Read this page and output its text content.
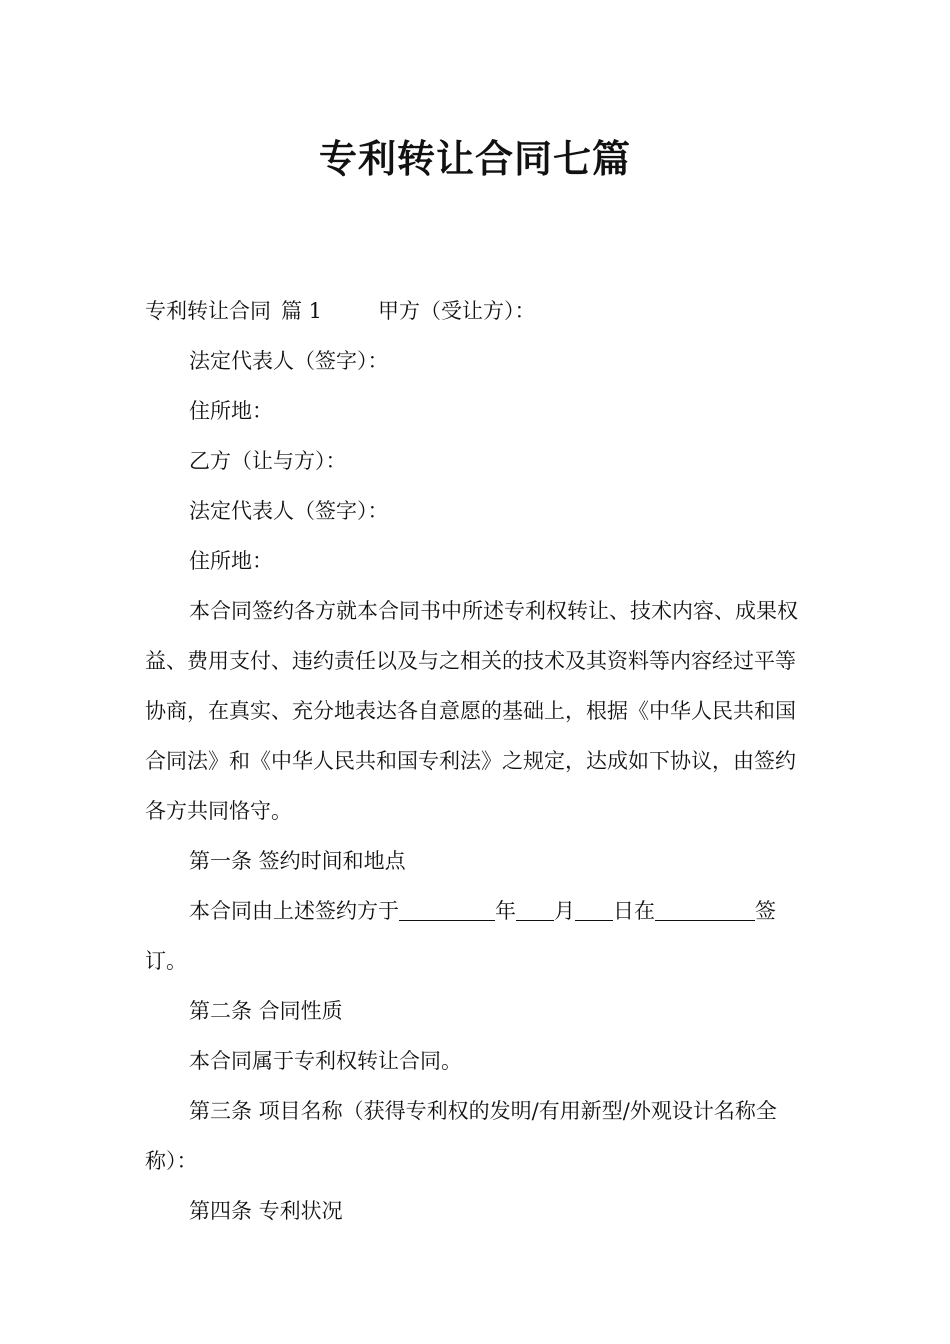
专利转让合同七篇

专利转让合同 篇 1	甲方（受让方）：

法定代表人（签字）：

住所地：

乙方（让与方）：

法定代表人（签字）：

住所地：

本合同签约各方就本合同书中所述专利权转让、技术内容、成果权益、费用支付、违约责任以及与之相关的技术及其资料等内容经过平等协商，在真实、充分地表达各自意愿的基础上，根据《中华人民共和国合同法》和《中华人民共和国专利法》之规定，达成如下协议，由签约各方共同恪守。

第一条 签约时间和地点

本合同由上述签约方于	年 月 日在	签订。

第二条 合同性质

本合同属于专利权转让合同。

第三条 项目名称（获得专利权的发明/有用新型/外观设计名称全称）：

第四条 专利状况
